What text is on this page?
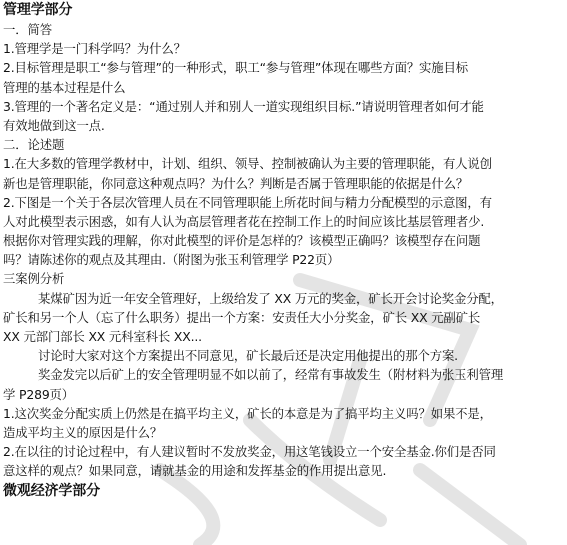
管理学部分
一．简答
1.管理学是一门科学吗？为什么？
2.目标管理是职工“参与管理”的一种形式，职工“参与管理”体现在哪些方面？实施目标
管理的基本过程是什么
3.管理的一个著名定义是：“通过别人并和别人一道实现组织目标.”请说明管理者如何才能
有效地做到这一点.
二．论述题
1.在大多数的管理学教材中，计划、组织、领导、控制被确认为主要的管理职能，有人说创
新也是管理职能，你同意这种观点吗？为什么？判断是否属于管理职能的依据是什么？
2.下图是一个关于各层次管理人员在不同管理职能上所花时间与精力分配模型的示意图，有
人对此模型表示困惑，如有人认为高层管理者花在控制工作上的时间应该比基层管理者少.
根据你对管理实践的理解，你对此模型的评价是怎样的？该模型正确吗？该模型存在问题
吗？请陈述你的观点及其理由.（附图为张玉利管理学 P22页）
三案例分析
某煤矿因为近一年安全管理好，上级给发了 XX 万元的奖金，矿长开会讨论奖金分配，
矿长和另一个人（忘了什么职务）提出一个方案：安责任大小分奖金，矿长 XX 元副矿长
XX 元部门部长 XX 元科室科长 XX...
讨论时大家对这个方案提出不同意见，矿长最后还是决定用他提出的那个方案.
奖金发完以后矿上的安全管理明显不如以前了，经常有事故发生（附材料为张玉利管理
学 P289页）
1.这次奖金分配实质上仍然是在搞平均主义，矿长的本意是为了搞平均主义吗？如果不是，
造成平均主义的原因是什么？
2.在以往的讨论过程中，有人建议暂时不发放奖金，用这笔钱设立一个安全基金.你们是否同
意这样的观点？如果同意，请就基金的用途和发挥基金的作用提出意见.
微观经济学部分
